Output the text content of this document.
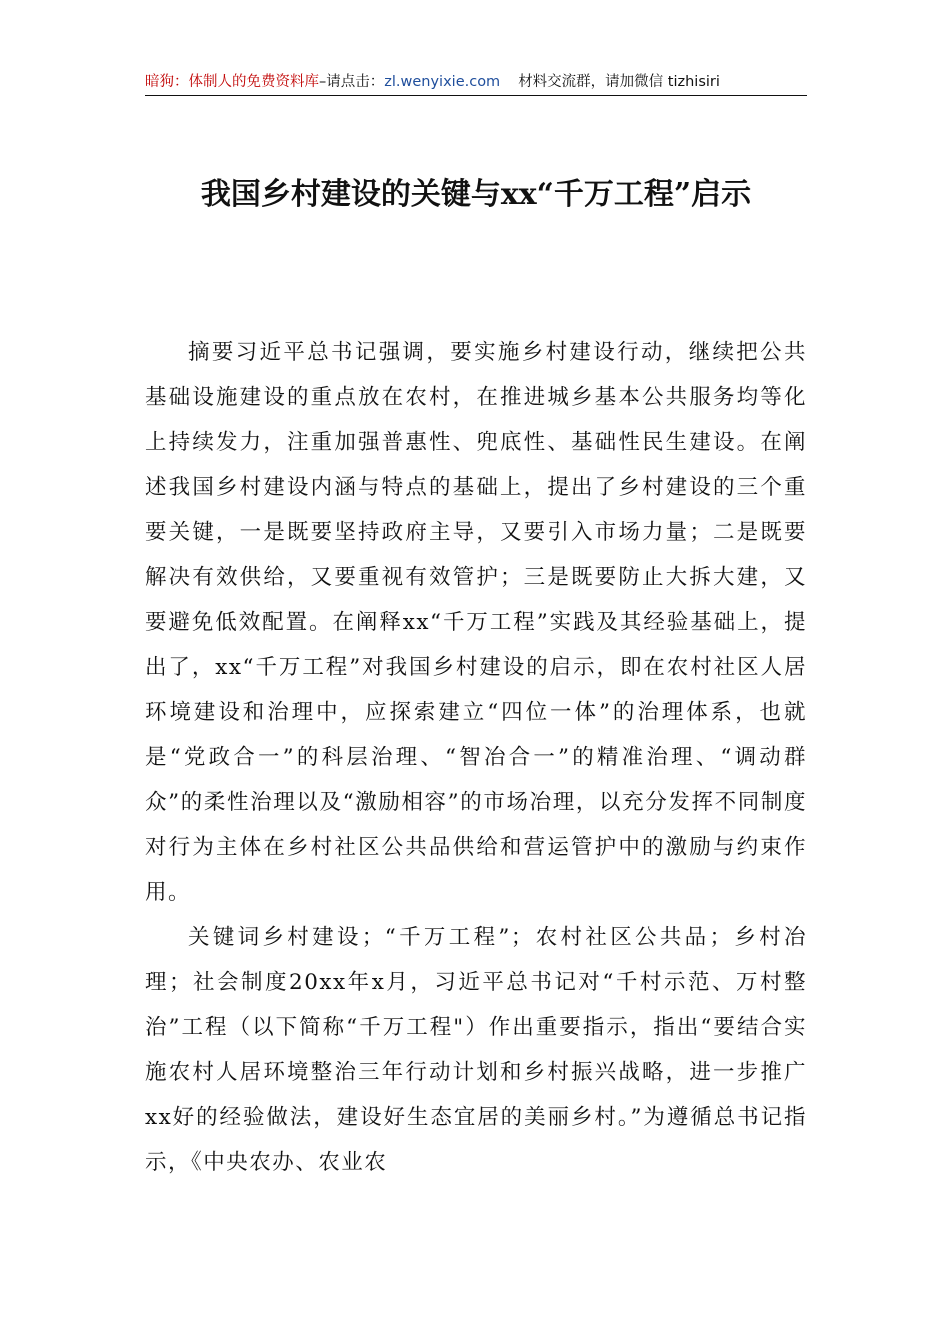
暗狗：体制人的免费资料库–请点击：zl.wenyixie.com 材料交流群，请加微信 tizhisiri
我国乡村建设的关键与xx“千万工程”启示

摘要习近平总书记强调，要实施乡村建设行动，继续把公共基础设施建设的重点放在农村，在推进城乡基本公共服务均等化上持续发力，注重加强普惠性、兜底性、基础性民生建设。在阐述我国乡村建设内涵与特点的基础上，提出了乡村建设的三个重要关键，一是既要坚持政府主导，又要引入市场力量；二是既要解决有效供给，又要重视有效管护；三是既要防止大拆大建，又要避免低效配置。在阐释xx“千万工程”实践及其经验基础上，提出了，xx“千万工程”对我国乡村建设的启示，即在农村社区人居环境建设和治理中，应探索建立“四位一体”的治理体系，也就是“党政合一”的科层治理、“智冶合一”的精准治理、“调动群众”的柔性治理以及“激励相容”的市场冶理，以充分发挥不同制度对行为主体在乡村社区公共品供给和营运管护中的激励与约束作用。

关键词乡村建设；“千万工程”；农村社区公共品；乡村冶理；社会制度20xx年x月，习近平总书记对“千村示范、万村整治”工程（以下简称“千万工程"）作出重要指示，指出“要结合实施农村人居环境整治三年行动计划和乡村振兴战略，进一步推广xx好的经验做法，建设好生态宜居的美丽乡村。”为遵循总书记指示，《中央农办、农业农
